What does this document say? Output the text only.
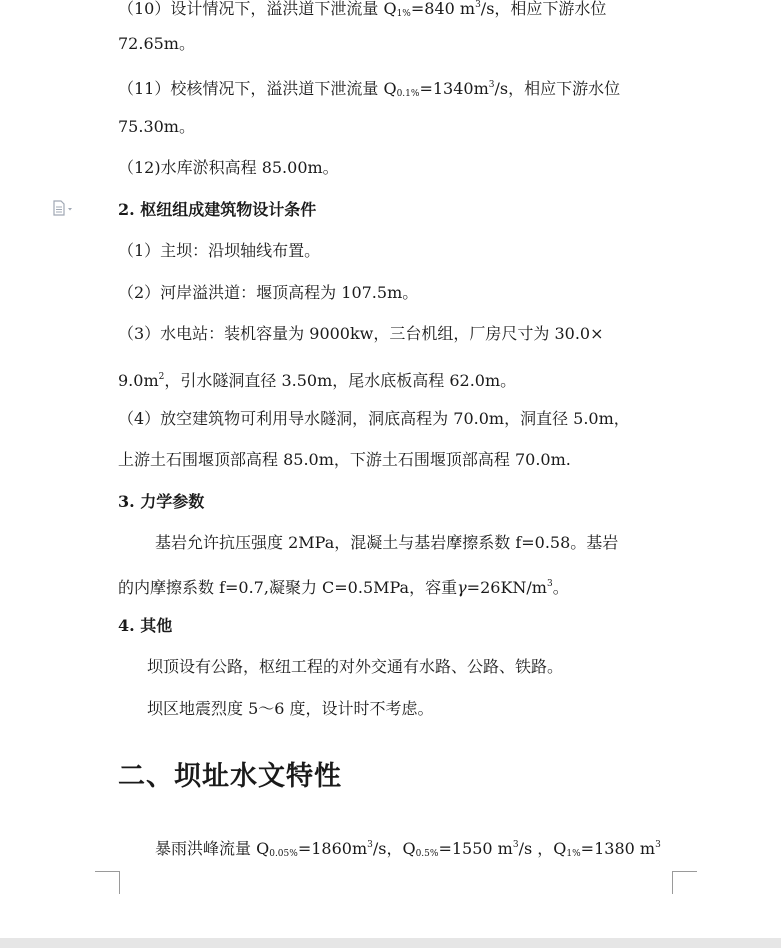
（10）设计情况下，溢洪道下泄流量 $Q_{1\%}=840$ $m^3/s$，相应下游水位
72.65m。
（11）校核情况下，溢洪道下泄流量 $Q_{0.1\%}=1340m^3/s$，相应下游水位
75.30m。
（12)水库淤积高程 85.00m。
2. 枢纽组成建筑物设计条件
（1）主坝：沿坝轴线布置。
（2）河岸溢洪道：堰顶高程为 107.5m。
（3）水电站：装机容量为 9000kw，三台机组，厂房尺寸为 30.0×
$9.0m^2$，引水隧洞直径 3.50m，尾水底板高程 62.0m。
（4）放空建筑物可利用导水隧洞，洞底高程为 70.0m，洞直径 5.0m，
上游土石围堰顶部高程 85.0m，下游土石围堰顶部高程 70.0m.
3. 力学参数
基岩允许抗压强度 2MPa，混凝土与基岩摩擦系数 f=0.58。基岩
的内摩擦系数 f=0.7,凝聚力 C=0.5MPa，容重$\gamma=26KN/m^3$。
4. 其他
坝顶设有公路，枢纽工程的对外交通有水路、公路、铁路。
坝区地震烈度 5～6 度，设计时不考虑。
二、坝址水文特性
暴雨洪峰流量 $Q_{0.05\%}=1860m^3/s$，$Q_{0.5\%}=1550$ $m^3/s$ ，$Q_{1\%}=1380$ $m^3$
